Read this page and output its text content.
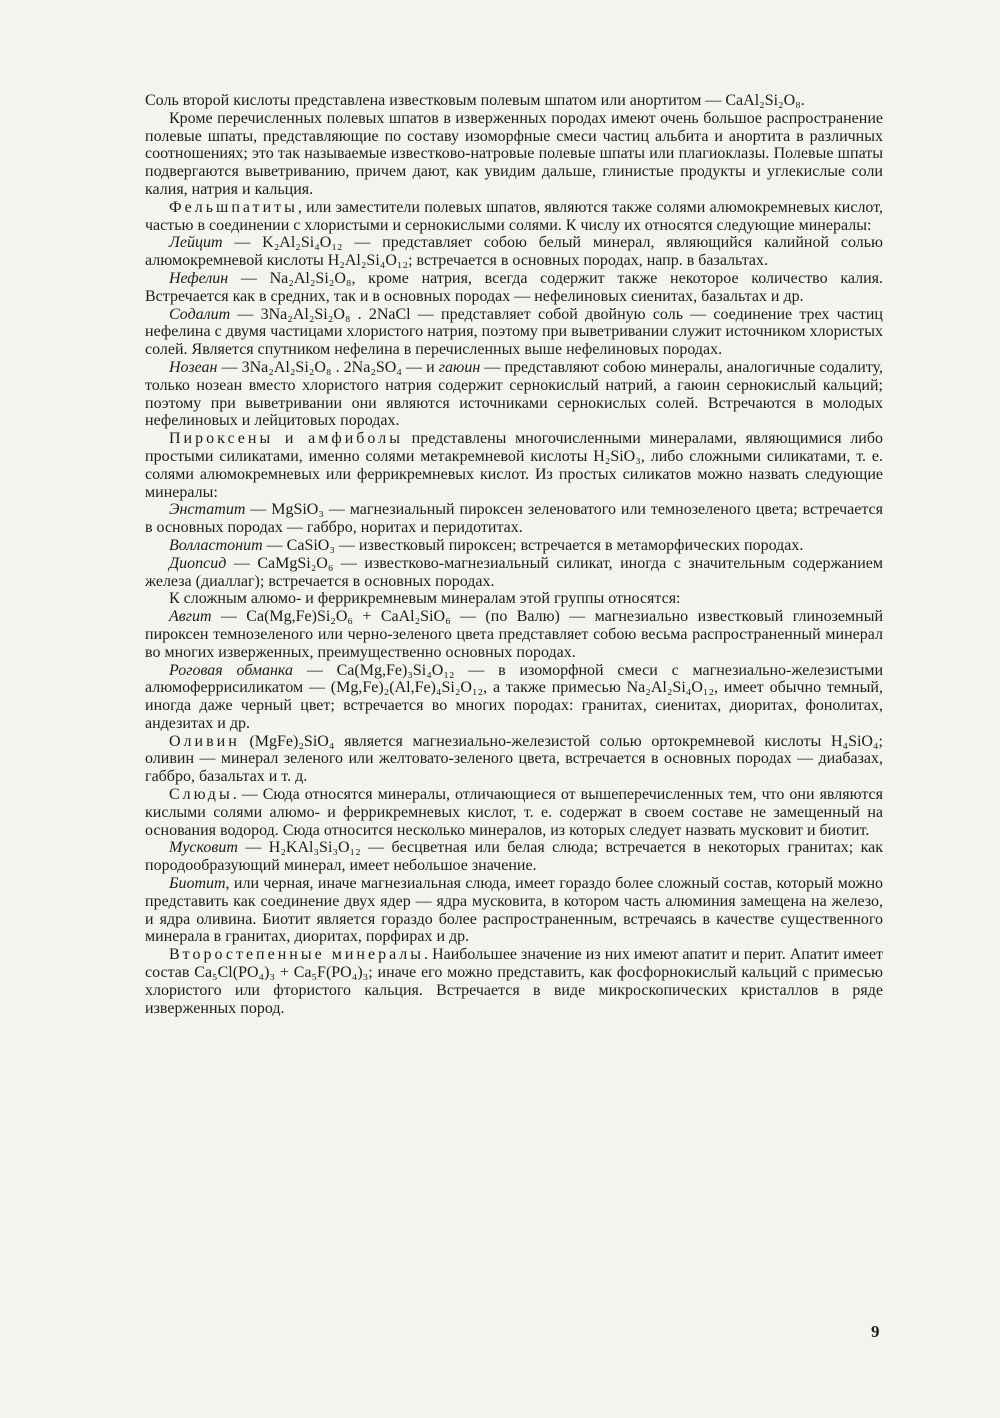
Соль второй кислоты представлена известковым полевым шпатом или анортитом — CaAl₂Si₂O₈.

Кроме перечисленных полевых шпатов в изверженных породах имеют очень большое распространение полевые шпаты, представляющие по составу изоморфные смеси частиц альбита и анортита в различных соотношениях; это так называемые известково-натровые полевые шпаты или плагиоклазы. Полевые шпаты подвергаются выветриванию, причем дают, как увидим дальше, глинистые продукты и углекислые соли калия, натрия и кальция.

Фельшпатиты, или заместители полевых шпатов, являются также солями алюмокремневых кислот, частью в соединении с хлористыми и сернокислыми солями. К числу их относятся следующие минералы:

Лейцит — K₂Al₂Si₄O₁₂ — представляет собою белый минерал, являющийся калийной солью алюмокремневой кислоты H₂Al₂Si₄O₁₂; встречается в основных породах, напр. в базальтах.

Нефелин — Na₂Al₂Si₂O₈, кроме натрия, всегда содержит также некоторое количество калия. Встречается как в средних, так и в основных породах — нефелиновых сиенитах, базальтах и др.

Содалит — 3Na₂Al₂Si₂O₈ . 2NaCl — представляет собой двойную соль — соединение трех частиц нефелина с двумя частицами хлористого натрия, поэтому при выветривании служит источником хлористых солей. Является спутником нефелина в перечисленных выше нефелиновых породах.

Нозеан — 3Na₂Al₂Si₂O₈ . 2Na₂SO₄ — и гаюин — представляют собою минералы, аналогичные содалиту, только нозеан вместо хлористого натрия содержит сернокислый натрий, а гаюин сернокислый кальций; поэтому при выветривании они являются источниками сернокислых солей. Встречаются в молодых нефелиновых и лейцитовых породах.

Пироксены и амфиболы представлены многочисленными минералами, являющимися либо простыми силикатами, именно солями метакремневой кислоты H₂SiO₃, либо сложными силикатами, т. е. солями алюмокремневых или феррикремневых кислот. Из простых силикатов можно назвать следующие минералы:

Энстатит — MgSiO₃ — магнезиальный пироксен зеленоватого или темнозеленого цвета; встречается в основных породах — габбро, норитах и перидотитах.

Волластонит — CaSiO₃ — известковый пироксен; встречается в метаморфических породах.

Диопсид — CaMgSi₂O₆ — известково-магнезиальный силикат, иногда с значительным содержанием железа (диаллаг); встречается в основных породах.

К сложным алюмо- и феррикремневым минералам этой группы относятся:

Авгит — Ca(Mg,Fe)Si₂O₆ + CaAl₂SiO₆ — (по Валю) — магнезиально известковый глиноземный пироксен темнозеленого или черно-зеленого цвета представляет собою весьма распространенный минерал во многих изверженных, преимущественно основных породах.

Роговая обманка — Ca(Mg,Fe)₃Si₄O₁₂ — в изоморфной смеси с магнезиально-железистыми алюмоферрисиликатом — (Mg,Fe)₂(Al,Fe)₄Si₂O₁₂, а также примесью Na₂Al₂Si₄O₁₂, имеет обычно темный, иногда даже черный цвет; встречается во многих породах: гранитах, сиенитах, диоритах, фонолитах, андезитах и др.

Оливин (MgFe)₂SiO₄ является магнезиально-железистой солью ортокремневой кислоты H₄SiO₄; оливин — минерал зеленого или желтовато-зеленого цвета, встречается в основных породах — диабазах, габбро, базальтах и т. д.

Слюды. — Сюда относятся минералы, отличающиеся от вышеперечисленных тем, что они являются кислыми солями алюмо- и феррикремневых кислот, т. е. содержат в своем составе не замещенный на основания водород. Сюда относится несколько минералов, из которых следует назвать мусковит и биотит.

Мусковит — H₂KAl₃Si₃O₁₂ — бесцветная или белая слюда; встречается в некоторых гранитах; как породообразующий минерал, имеет небольшое значение.

Биотит, или черная, иначе магнезиальная слюда, имеет гораздо более сложный состав, который можно представить как соединение двух ядер — ядра мусковита, в котором часть алюминия замещена на железо, и ядра оливина. Биотит является гораздо более распространенным, встречаясь в качестве существенного минерала в гранитах, диоритах, порфирах и др.

Второстепенные минералы. Наибольшее значение из них имеют апатит и перит. Апатит имеет состав Ca₅Cl(PO₄)₃ + Ca₅F(PO₄)₃; иначе его можно представить, как фосфорнокислый кальций с примесью хлористого или фтористого кальция. Встречается в виде микроскопических кристаллов в ряде изверженных пород.

9
